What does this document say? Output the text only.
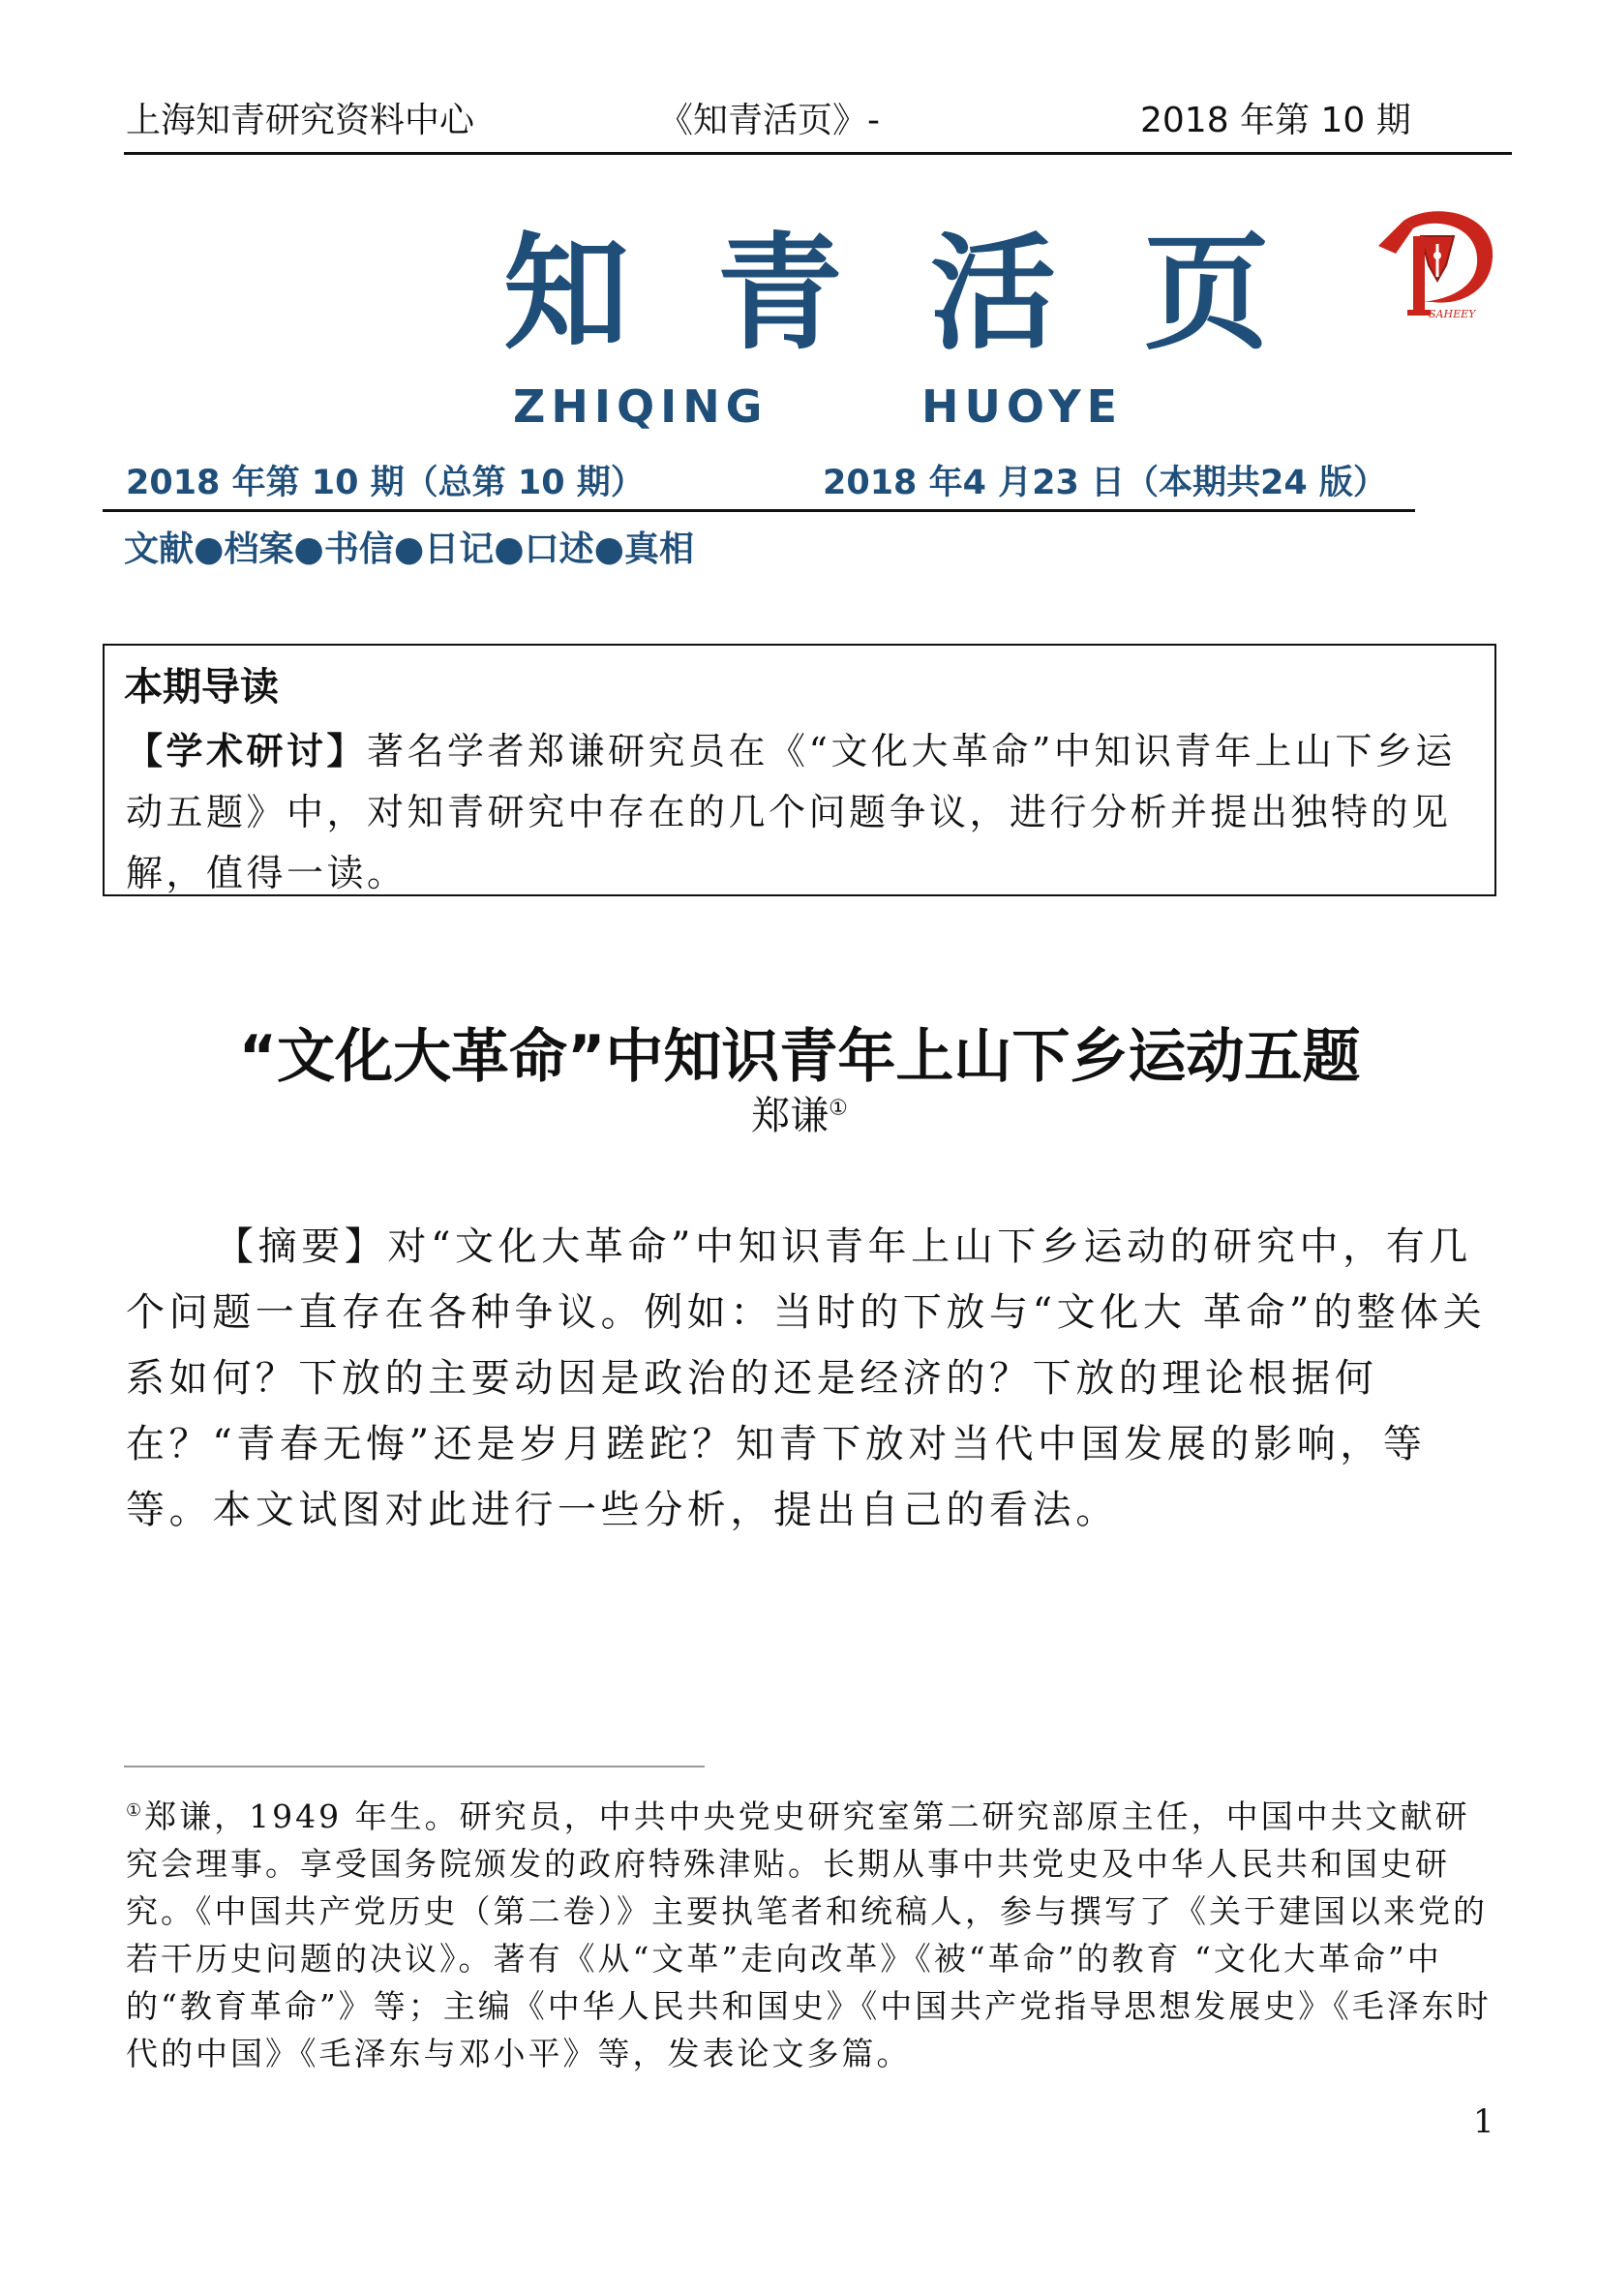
上海知青研究资料中心	《知青活页》-	2018 年第 10 期
知  青  活  页
ZHIQING	HUOYE
SAHEEY
2018 年第 10 期（总第 10 期）	2018 年4 月23 日（本期共24 版）
文献●档案●书信●日记●口述●真相
本期导读
【学术研讨】著名学者郑谦研究员在《“文化大革命”中知识青年上山下乡运动五题》中，对知青研究中存在的几个问题争议，进行分析并提出独特的见解，值得一读。
“文化大革命”中知识青年上山下乡运动五题
郑谦①
【摘要】对“文化大革命”中知识青年上山下乡运动的研究中，有几个问题一直存在各种争议。例如：当时的下放与“文化大 革命”的整体关系如何？下放的主要动因是政治的还是经济的？下放的理论根据何在？“青春无悔”还是岁月蹉跎？知青下放对当代中国发展的影响，等等。本文试图对此进行一些分析，提出自己的看法。
①郑谦，1949 年生。研究员，中共中央党史研究室第二研究部原主任，中国中共文献研究会理事。享受国务院颁发的政府特殊津贴。长期从事中共党史及中华人民共和国史研究。《中国共产党历史（第二卷）》主要执笔者和统稿人，参与撰写了《关于建国以来党的若干历史问题的决议》。著有《从“文革”走向改革》《被“革命”的教育 “文化大革命”中的“教育革命”》等；主编《中华人民共和国史》《中国共产党指导思想发展史》《毛泽东时代的中国》《毛泽东与邓小平》等，发表论文多篇。
1
